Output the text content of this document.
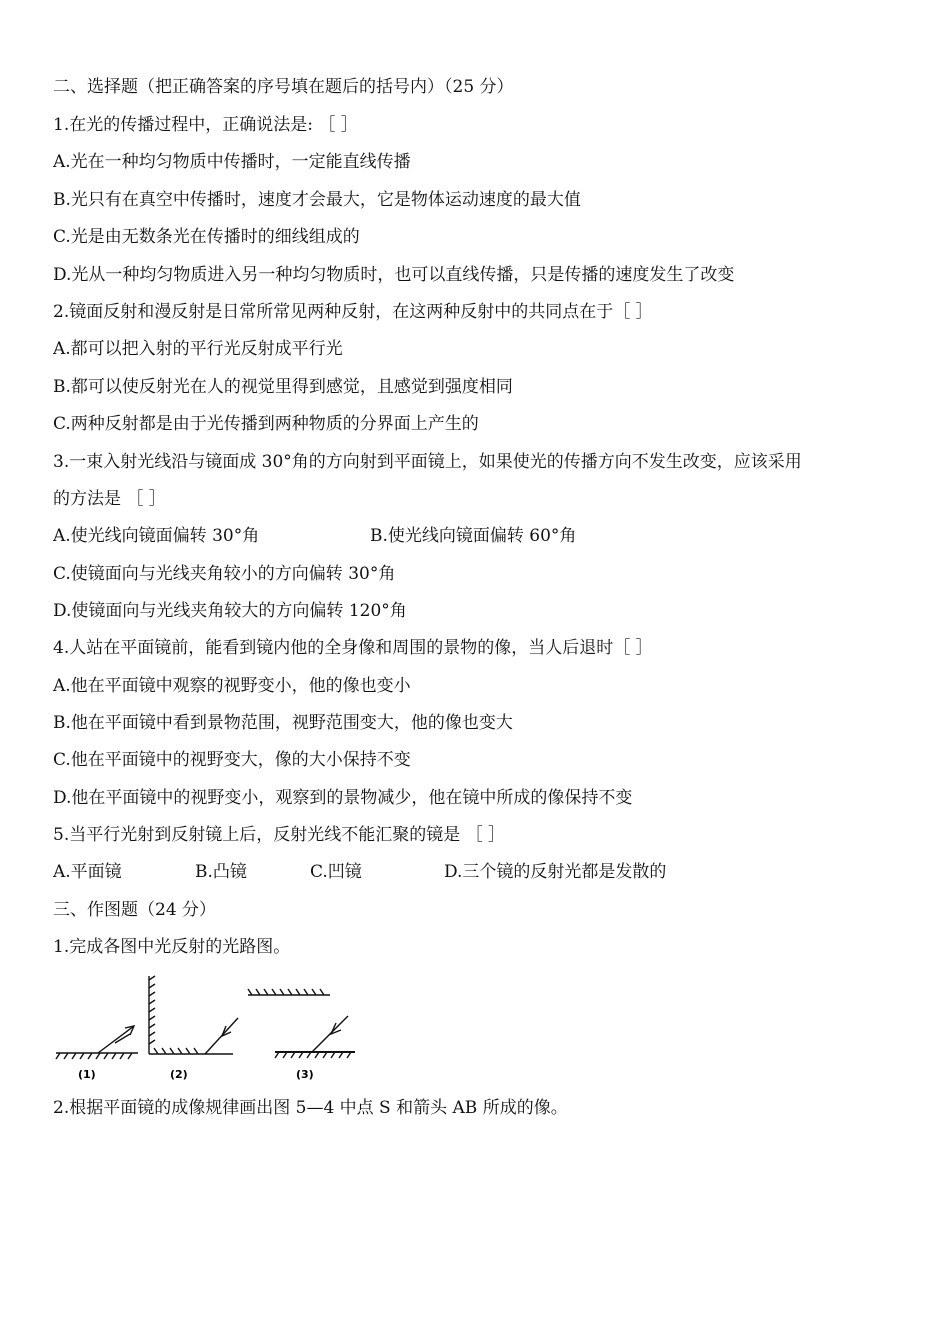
二、选择题（把正确答案的序号填在题后的括号内）（25 分）
1.在光的传播过程中，正确说法是: ［ ］
A.光在一种均匀物质中传播时，一定能直线传播
B.光只有在真空中传播时，速度才会最大，它是物体运动速度的最大值
C.光是由无数条光在传播时的细线组成的
D.光从一种均匀物质进入另一种均匀物质时，也可以直线传播，只是传播的速度发生了改变
2.镜面反射和漫反射是日常所常见两种反射，在这两种反射中的共同点在于［ ］
A.都可以把入射的平行光反射成平行光
B.都可以使反射光在人的视觉里得到感觉，且感觉到强度相同
C.两种反射都是由于光传播到两种物质的分界面上产生的
3.一束入射光线沿与镜面成 30°角的方向射到平面镜上，如果使光的传播方向不发生改变，应该采用
的方法是 ［ ］
A.使光线向镜面偏转 30°角	B.使光线向镜面偏转 60°角
C.使镜面向与光线夹角较小的方向偏转 30°角
D.使镜面向与光线夹角较大的方向偏转 120°角
4.人站在平面镜前，能看到镜内他的全身像和周围的景物的像，当人后退时［ ］
A.他在平面镜中观察的视野变小，他的像也变小
B.他在平面镜中看到景物范围，视野范围变大，他的像也变大
C.他在平面镜中的视野变大，像的大小保持不变
D.他在平面镜中的视野变小，观察到的景物减少，他在镜中所成的像保持不变
5.当平行光射到反射镜上后，反射光线不能汇聚的镜是 ［ ］
A.平面镜	B.凸镜	C.凹镜	D.三个镜的反射光都是发散的
三、作图题（24 分）
1.完成各图中光反射的光路图。
(1)	(2)	(3)
2.根据平面镜的成像规律画出图 5—4 中点 S 和箭头 AB 所成的像。
